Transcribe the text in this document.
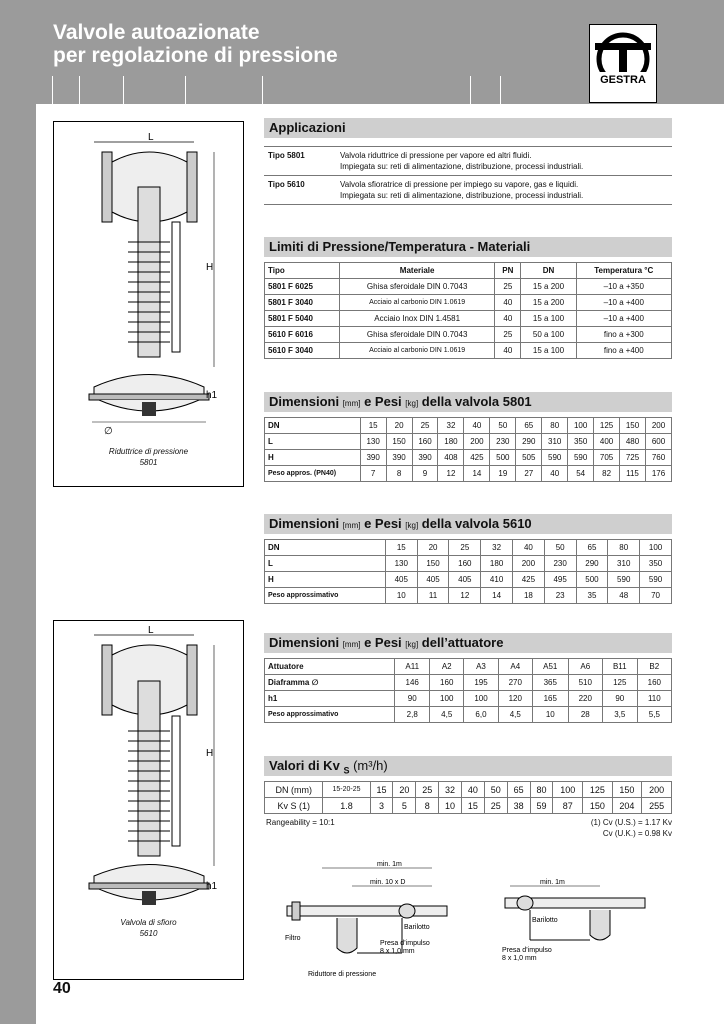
Valvole autoazionate
per regolazione di pressione
GESTRA
L
H
h1
∅
Riduttrice di pressione
5801
L
H
h1
Valvola di sfioro
5610
Applicazioni
Tipo 5801	Valvola riduttrice di pressione per vapore ed altri fluidi.
Impiegata su: reti di alimentazione, distribuzione, processi industriali.

Tipo 5610	Valvola sfioratrice di pressione per impiego su vapore, gas e liquidi.
Impiegata su: reti di alimentazione, distribuzione, processi industriali.
Limiti di Pressione/Temperatura - Materiali
Tipo	Materiale	PN	DN	Temperatura °C
5801 F 6025	Ghisa sferoidale DIN 0.7043	25	15 a 200	–10 a +350
5801 F 3040	Acciaio al carbonio DIN 1.0619	40	15 a 200	–10 a +400
5801 F 5040	Acciaio Inox DIN 1.4581	40	15 a 100	–10 a +400
5610 F 6016	Ghisa sferoidale DIN 0.7043	25	50 a 100	fino a +300
5610 F 3040	Acciaio al carbonio DIN 1.0619	40	15 a 100	fino a +400
Dimensioni [mm] e Pesi [kg] della valvola 5801
DN	15	20	25	32	40	50	65	80	100	125	150	200
L	130	150	160	180	200	230	290	310	350	400	480	600
H	390	390	390	408	425	500	505	590	590	705	725	760
Peso appros. (PN40)	7	8	9	12	14	19	27	40	54	82	115	176
Dimensioni [mm] e Pesi [kg] della valvola 5610
DN	15	20	25	32	40	50	65	80	100
L	130	150	160	180	200	230	290	310	350
H	405	405	405	410	425	495	500	590	590
Peso approssimativo	10	11	12	14	18	23	35	48	70
Dimensioni [mm] e Pesi [kg] dell’attuatore
Attuatore	A11	A2	A3	A4	A51	A6	B11	B2
Diaframma ∅	146	160	195	270	365	510	125	160
h1	90	100	100	120	165	220	90	110
Peso approssimativo	2,8	4,5	6,0	4,5	10	28	3,5	5,5
Valori di Kv $_S$ (m³/h)
DN (mm)	15-20-25	15	20	25	32	40	50	65	80	100	125	150	200
Kv S (1)	1.8	3	5	8	10	15	25	38	59	87	150	204	255
Rangeability = 10:1	(1) Cv (U.S.) = 1.17 Kv
Cv (U.K.) = 0.98 Kv
min. 1m
min. 10 x D
Barilotto
Filtro
Presa d’impulso
8 x 1,0 mm
Riduttore di pressione
min. 1m
Barilotto
Presa d’impulso
8 x 1,0 mm
40
